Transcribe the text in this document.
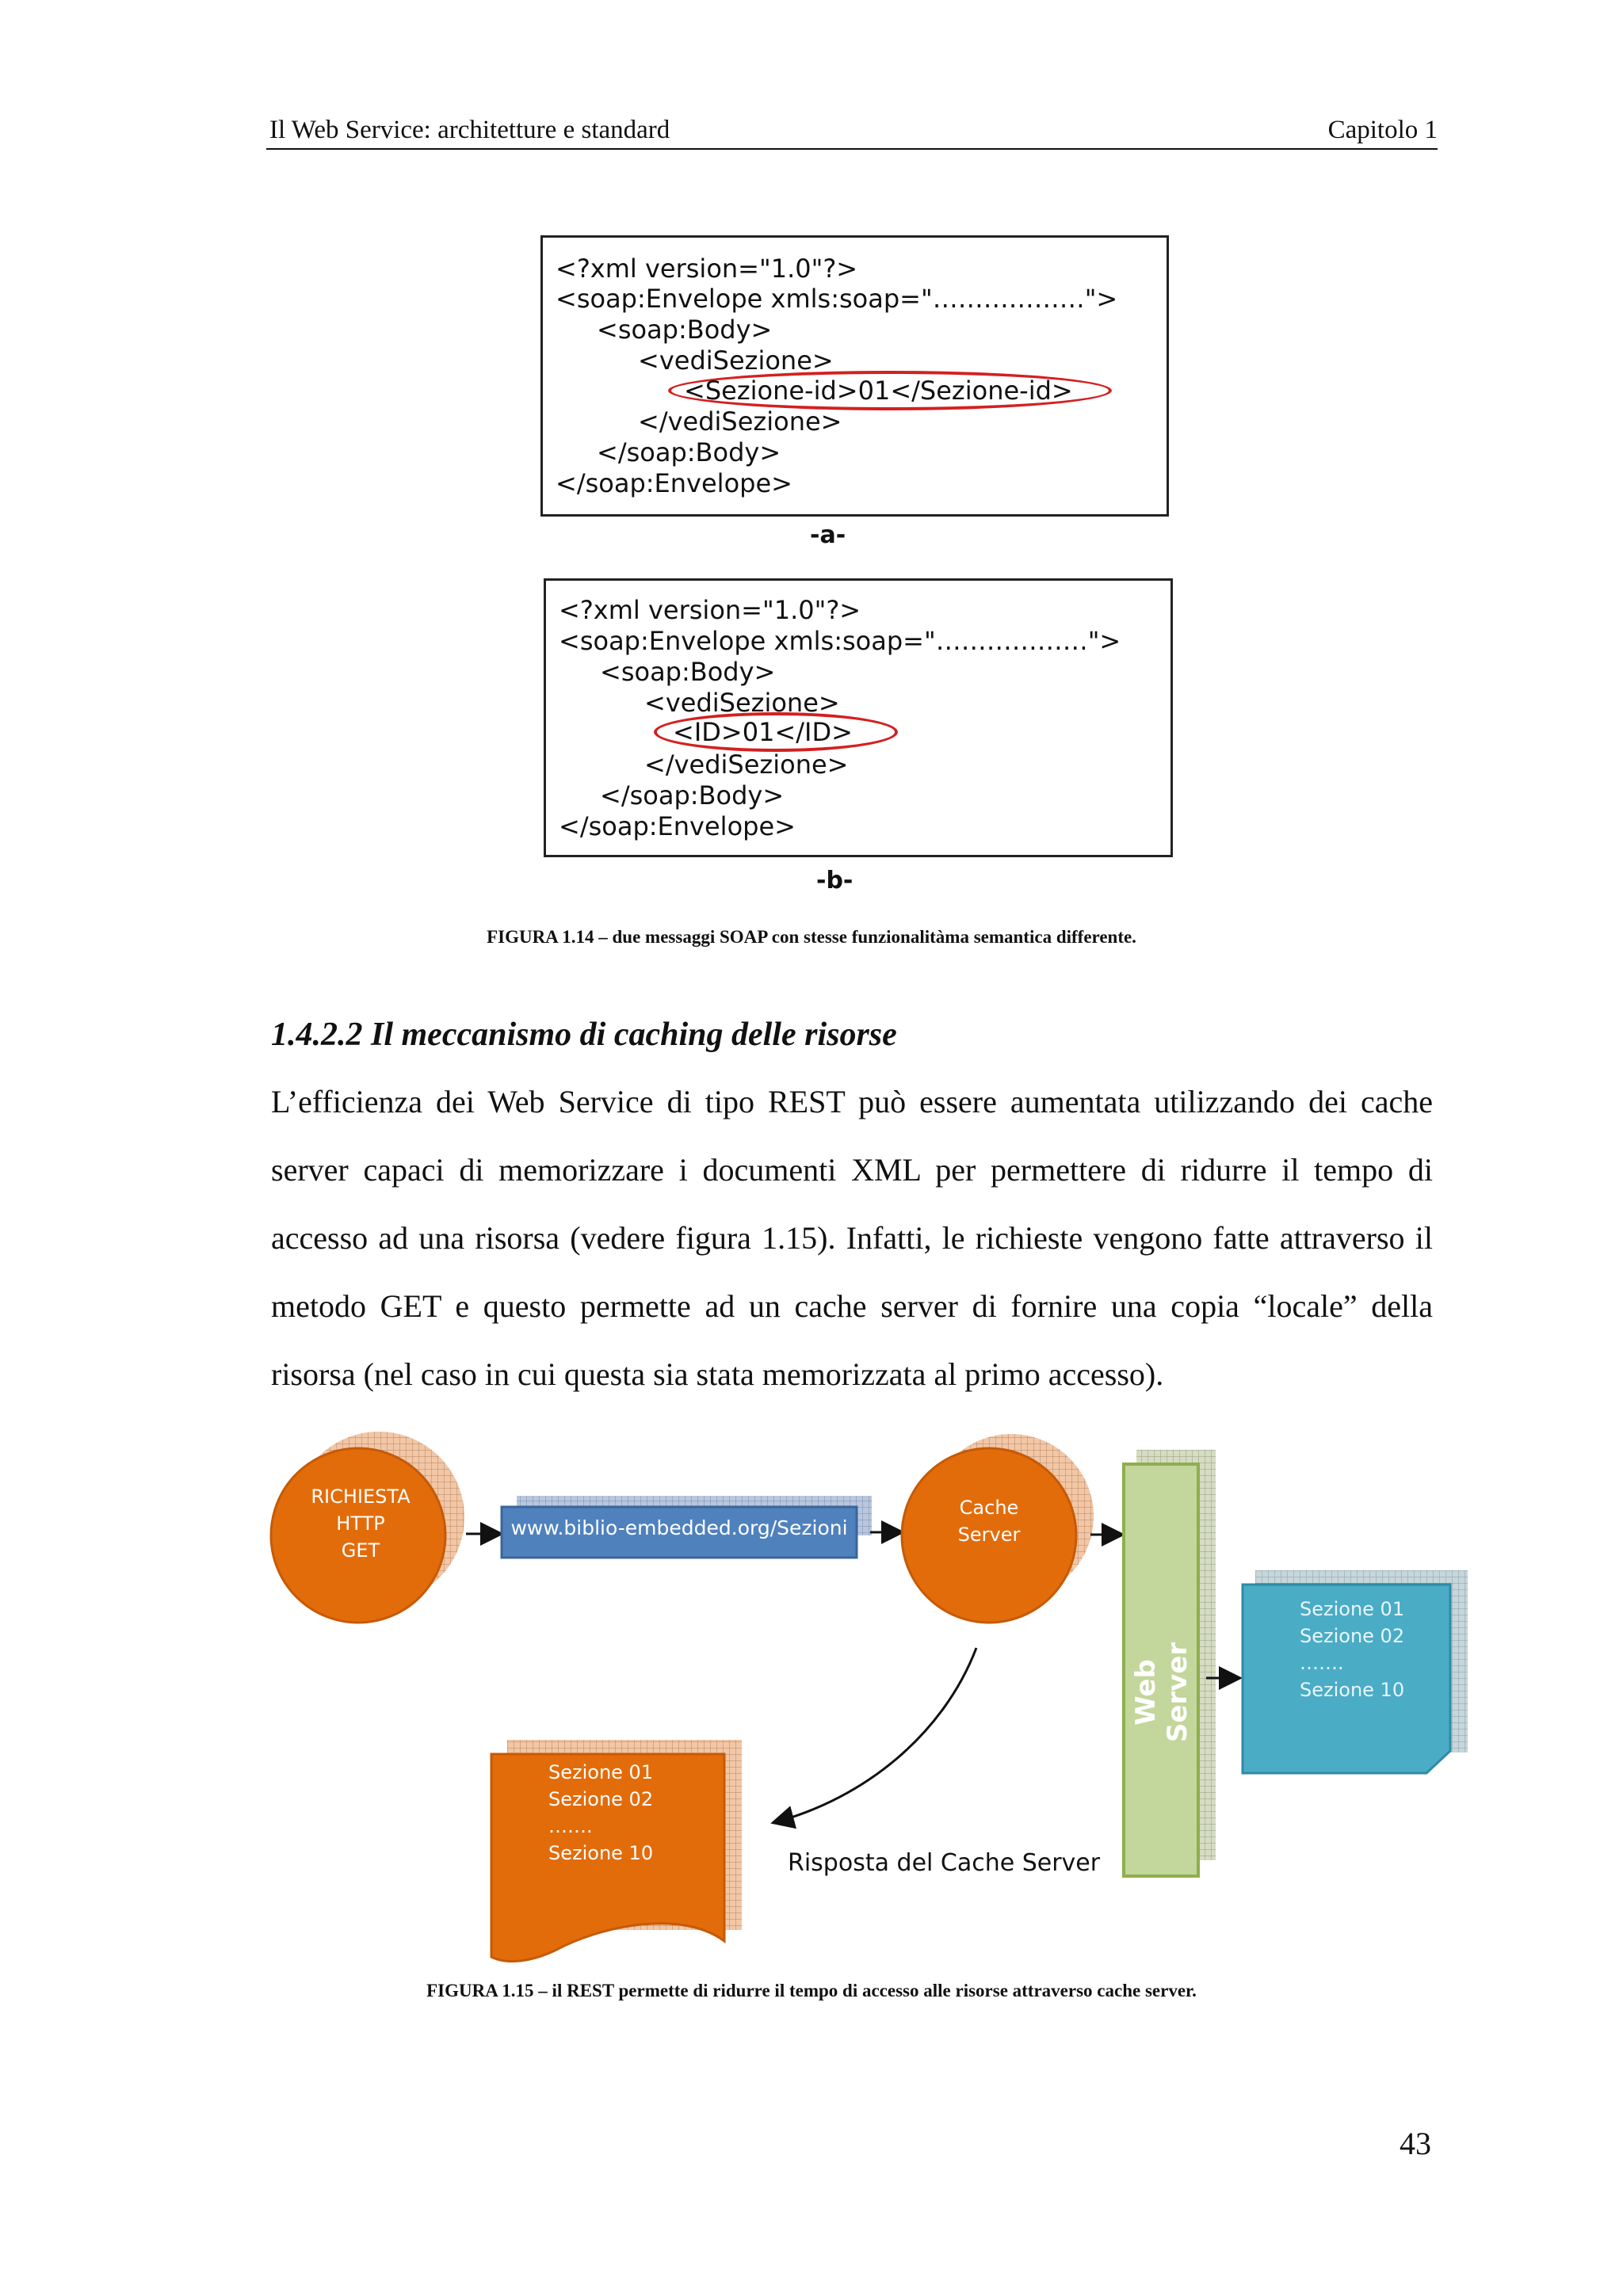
Il Web Service: architetture e standard	Capitolo 1
<?xml version="1.0"?>
<soap:Envelope xmls:soap="………………">
<soap:Body>
<vediSezione>
<Sezione-id>01</Sezione-id>
</vediSezione>
</soap:Body>
</soap:Envelope>
-a-
<?xml version="1.0"?>
<soap:Envelope xmls:soap="………………">
<soap:Body>
<vediSezione>
<ID>01</ID>
</vediSezione>
</soap:Body>
</soap:Envelope>
-b-
FIGURA 1.14 – due messaggi SOAP con stesse funzionalitàma semantica differente.
1.4.2.2 Il meccanismo di caching delle risorse
L’efficienza dei Web Service di tipo REST può essere aumentata utilizzando dei cache server capaci di memorizzare i documenti XML per permettere di ridurre il tempo di accesso ad una risorsa (vedere figura 1.15). Infatti, le richieste vengono fatte attraverso il metodo GET e questo permette ad un cache server di fornire una copia “locale” della risorsa (nel caso in cui questa sia stata memorizzata al primo accesso).
RICHIESTA
HTTP
GET
www.biblio-embedded.org/Sezioni
Cache
Server
Web Server
Sezione 01
Sezione 02
…….
Sezione 10
Sezione 01
Sezione 02
…….
Sezione 10	Risposta del Cache Server
FIGURA 1.15 – il REST permette di ridurre il tempo di accesso alle risorse attraverso cache server.
43
